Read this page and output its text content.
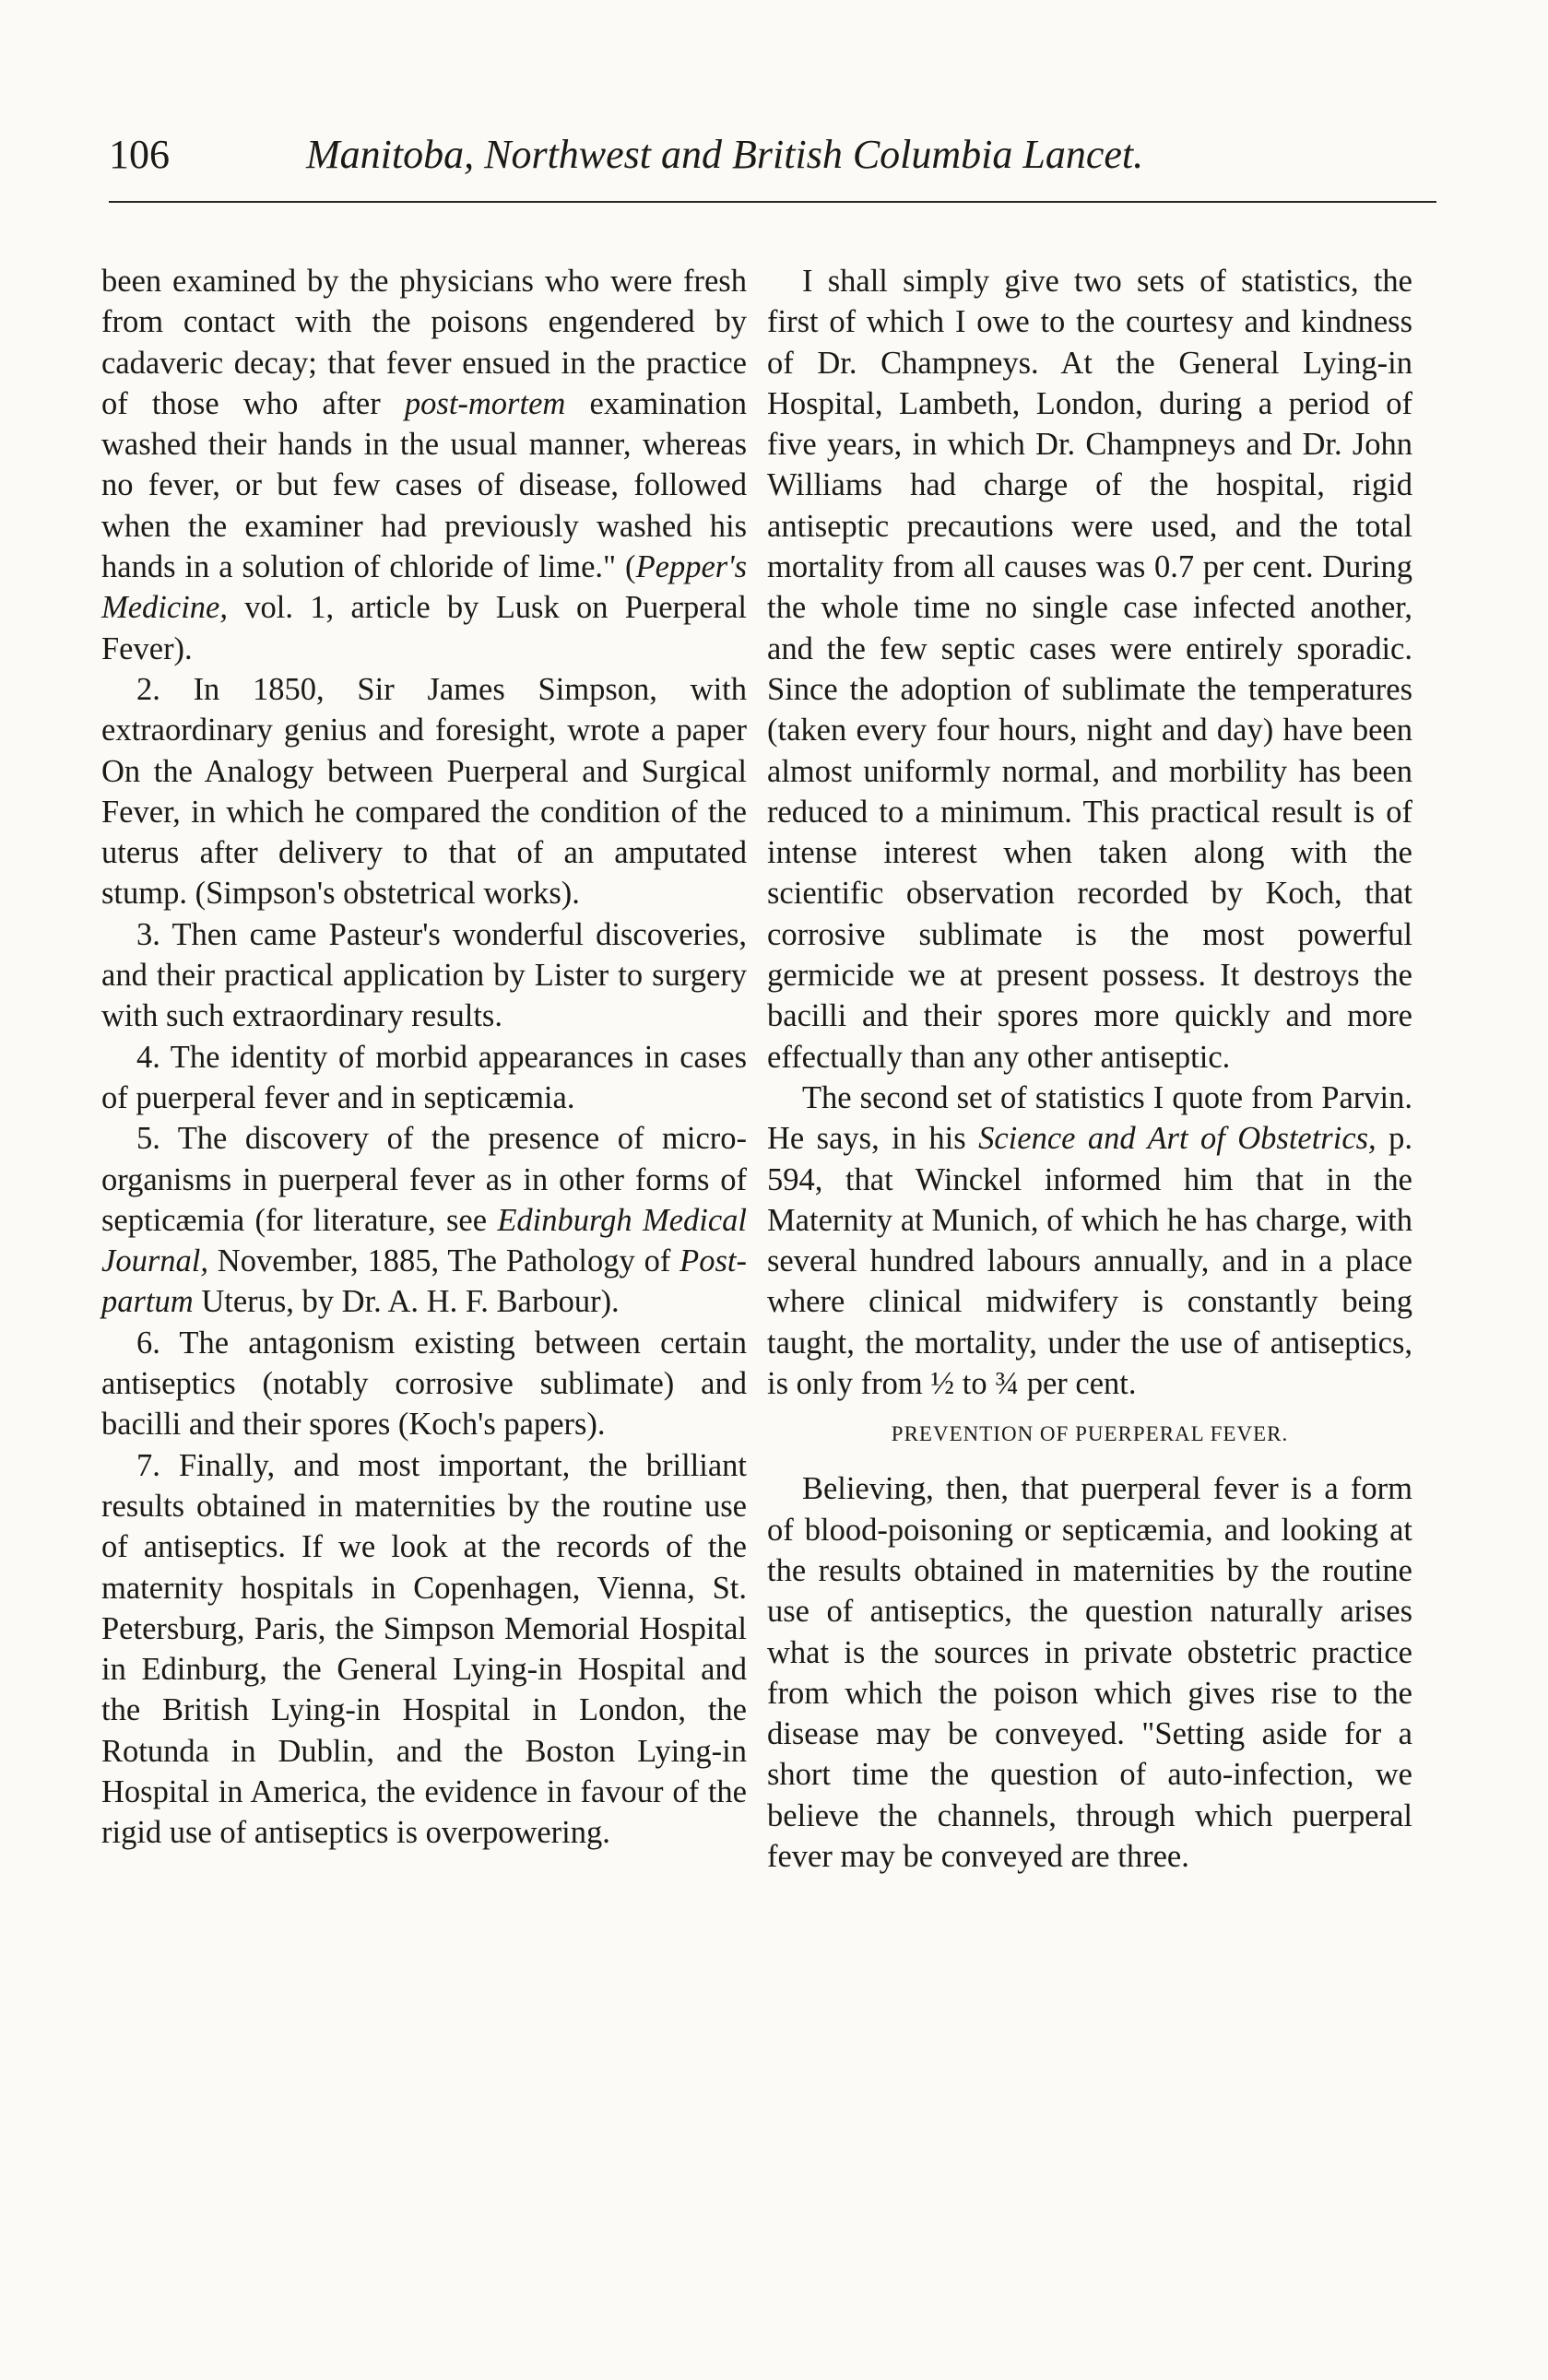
106	Manitoba, Northwest and British Columbia Lancet.

been examined by the physicians who were fresh from contact with the poisons engendered by cadaveric decay; that fever ensued in the practice of those who after post-mortem examination washed their hands in the usual manner, whereas no fever, or but few cases of disease, followed when the examiner had previously washed his hands in a solution of chloride of lime." (Pepper's Medicine, vol. 1, article by Lusk on Puerperal Fever).

2. In 1850, Sir James Simpson, with extraordinary genius and foresight, wrote a paper On the Analogy between Puerperal and Surgical Fever, in which he compared the condition of the uterus after delivery to that of an amputated stump. (Simpson's obstetrical works).

3. Then came Pasteur's wonderful discoveries, and their practical application by Lister to surgery with such extraordinary results.

4. The identity of morbid appearances in cases of puerperal fever and in septicæmia.

5. The discovery of the presence of micro-organisms in puerperal fever as in other forms of septicæmia (for literature, see Edinburgh Medical Journal, November, 1885, The Pathology of Post-partum Uterus, by Dr. A. H. F. Barbour).

6. The antagonism existing between certain antiseptics (notably corrosive sublimate) and bacilli and their spores (Koch's papers).

7. Finally, and most important, the brilliant results obtained in maternities by the routine use of antiseptics. If we look at the records of the maternity hospitals in Copenhagen, Vienna, St. Petersburg, Paris, the Simpson Memorial Hospital in Edinburg, the General Lying-in Hospital and the British Lying-in Hospital in London, the Rotunda in Dublin, and the Boston Lying-in Hospital in America, the evidence in favour of the rigid use of antiseptics is overpowering.

I shall simply give two sets of statistics, the first of which I owe to the courtesy and kindness of Dr. Champneys. At the General Lying-in Hospital, Lambeth, London, during a period of five years, in which Dr. Champneys and Dr. John Williams had charge of the hospital, rigid antiseptic precautions were used, and the total mortality from all causes was 0.7 per cent. During the whole time no single case infected another, and the few septic cases were entirely sporadic. Since the adoption of sublimate the temperatures (taken every four hours, night and day) have been almost uniformly normal, and morbility has been reduced to a minimum. This practical result is of intense interest when taken along with the scientific observation recorded by Koch, that corrosive sublimate is the most powerful germicide we at present possess. It destroys the bacilli and their spores more quickly and more effectually than any other antiseptic.

The second set of statistics I quote from Parvin. He says, in his Science and Art of Obstetrics, p. 594, that Winckel informed him that in the Maternity at Munich, of which he has charge, with several hundred labours annually, and in a place where clinical midwifery is constantly being taught, the mortality, under the use of antiseptics, is only from ½ to ¾ per cent.

PREVENTION OF PUERPERAL FEVER.

Believing, then, that puerperal fever is a form of blood-poisoning or septicæmia, and looking at the results obtained in maternities by the routine use of antiseptics, the question naturally arises what is the sources in private obstetric practice from which the poison which gives rise to the disease may be conveyed. "Setting aside for a short time the question of auto-infection, we believe the channels, through which puerperal fever may be conveyed are three.
